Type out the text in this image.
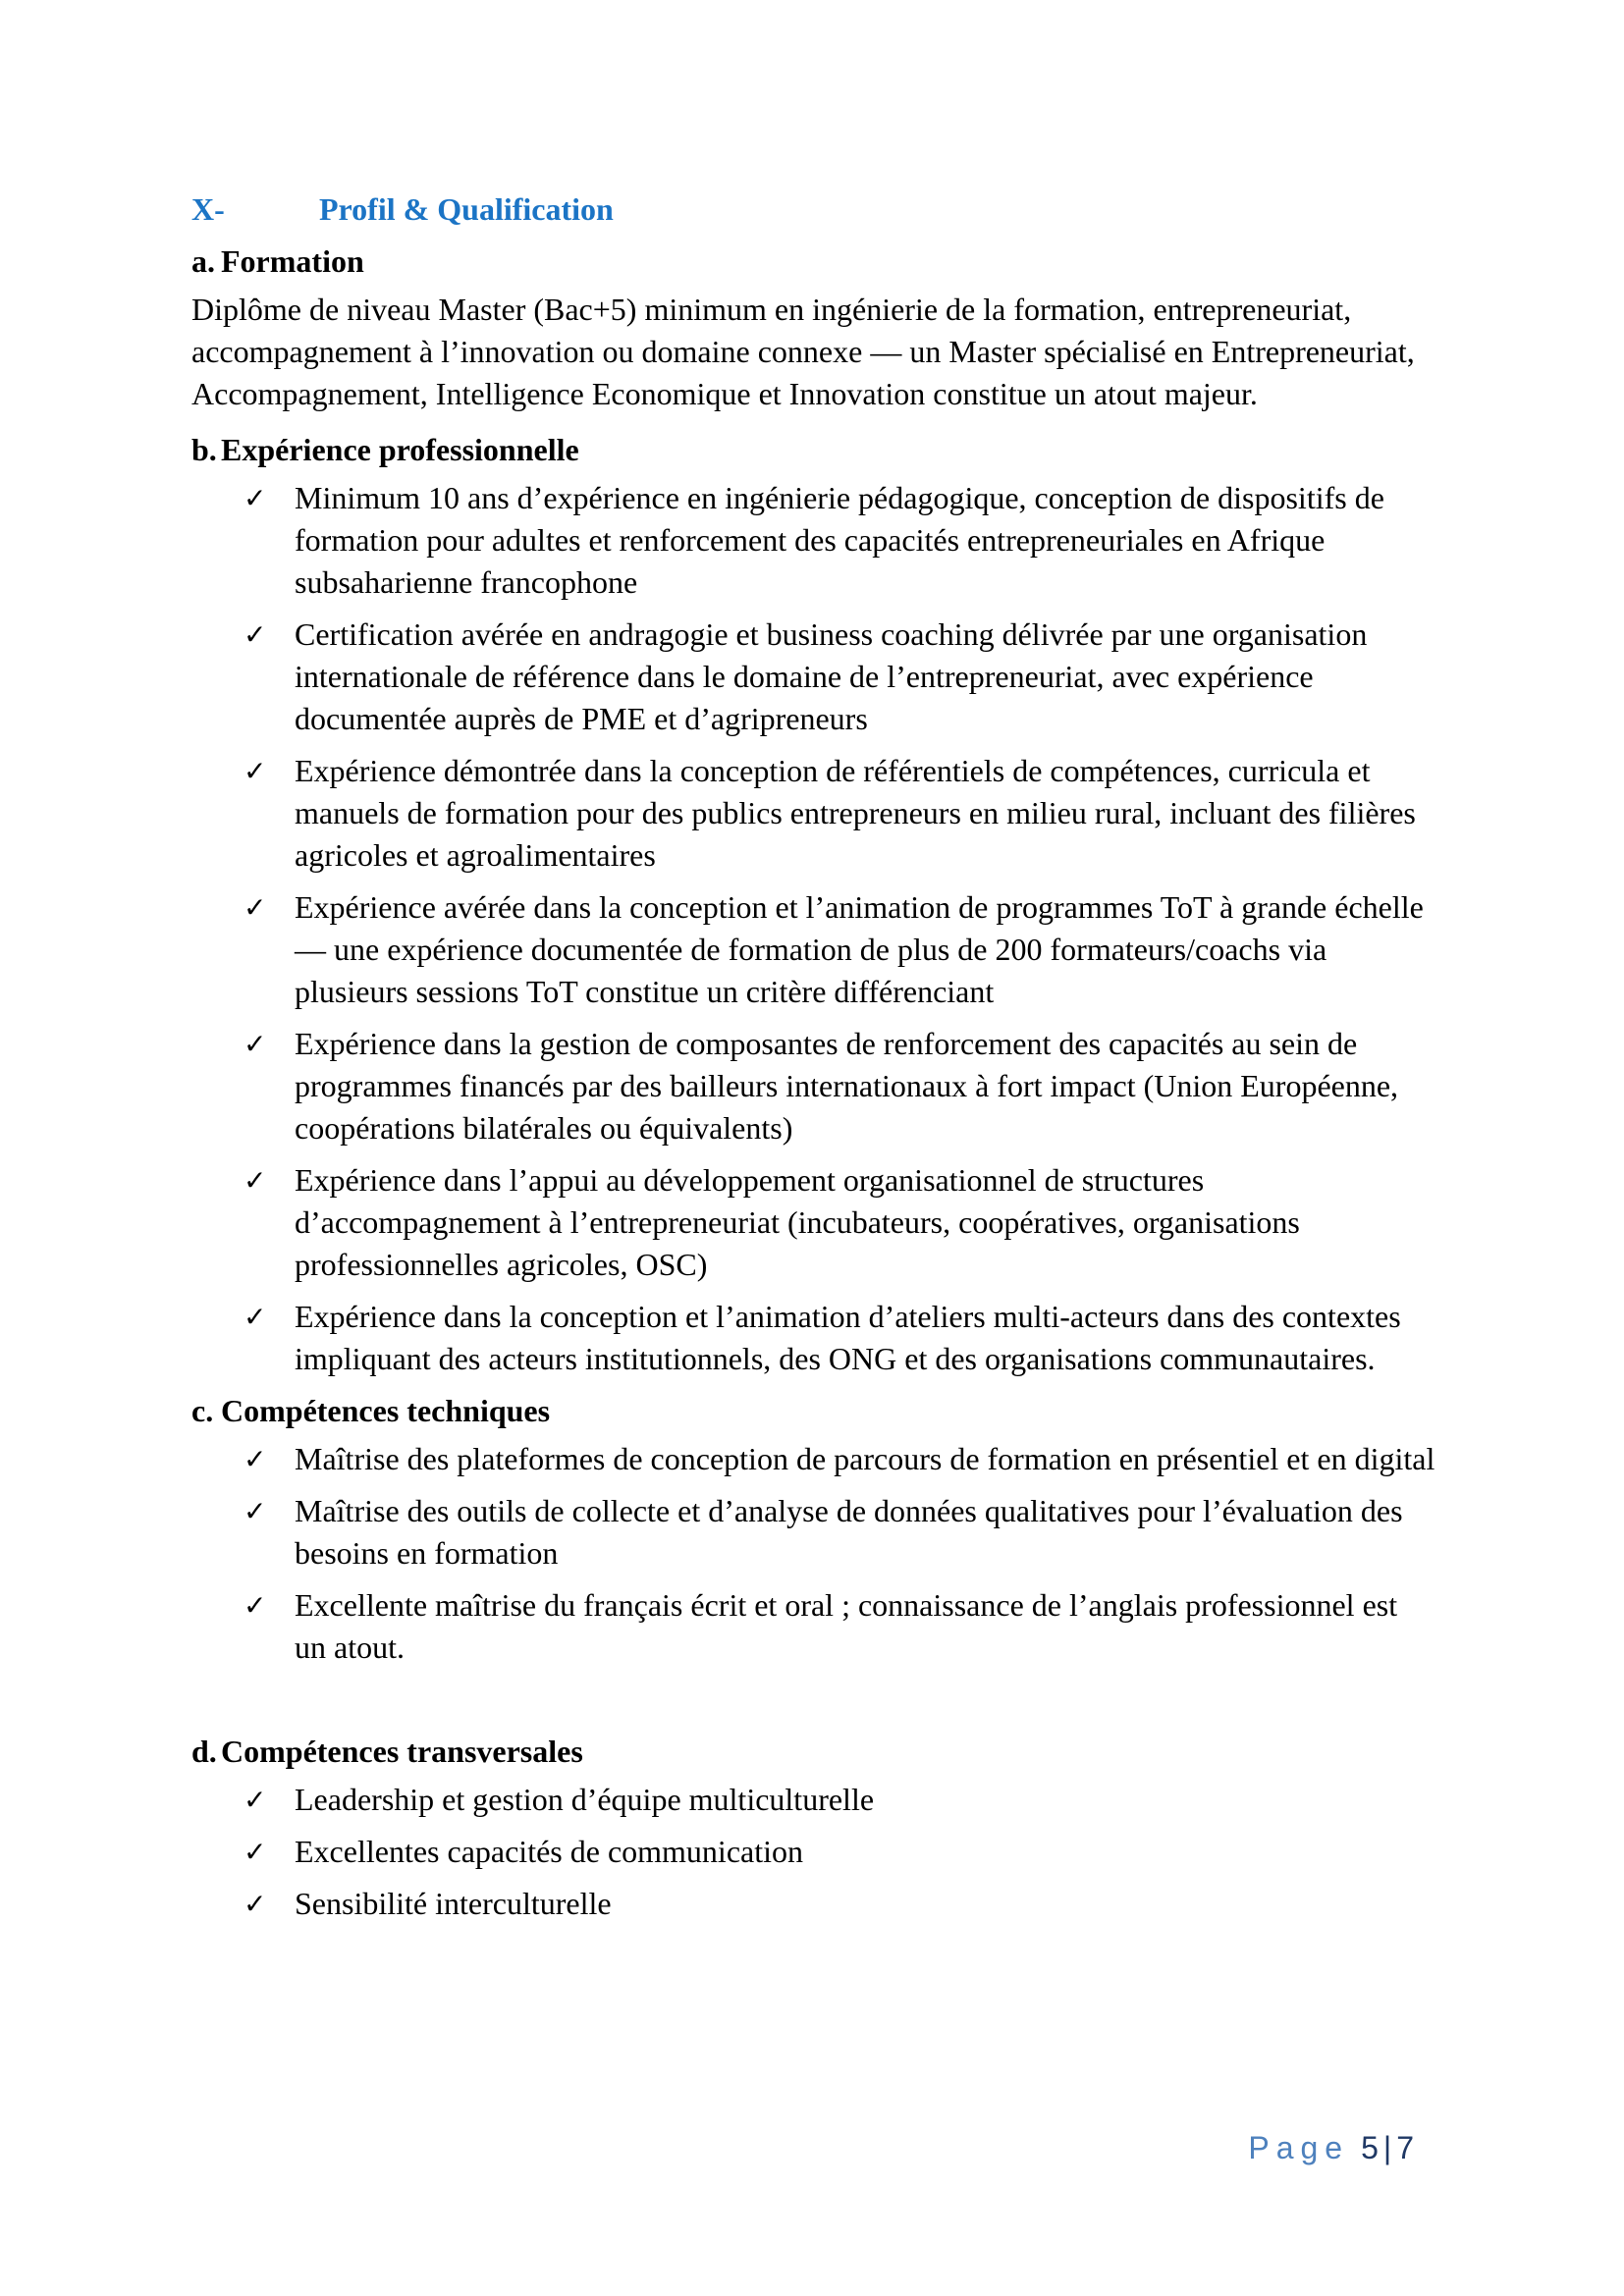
X-	Profil & Qualification
a. Formation

Diplôme de niveau Master (Bac+5) minimum en ingénierie de la formation, entrepreneuriat, accompagnement à l’innovation ou domaine connexe — un Master spécialisé en Entrepreneuriat, Accompagnement, Intelligence Economique et Innovation constitue un atout majeur.

b. Expérience professionnelle
✓ Minimum 10 ans d’expérience en ingénierie pédagogique, conception de dispositifs de formation pour adultes et renforcement des capacités entrepreneuriales en Afrique subsaharienne francophone
✓ Certification avérée en andragogie et business coaching délivrée par une organisation internationale de référence dans le domaine de l’entrepreneuriat, avec expérience documentée auprès de PME et d’agripreneurs
✓ Expérience démontrée dans la conception de référentiels de compétences, curricula et manuels de formation pour des publics entrepreneurs en milieu rural, incluant des filières agricoles et agroalimentaires
✓ Expérience avérée dans la conception et l’animation de programmes ToT à grande échelle — une expérience documentée de formation de plus de 200 formateurs/coachs via plusieurs sessions ToT constitue un critère différenciant
✓ Expérience dans la gestion de composantes de renforcement des capacités au sein de programmes financés par des bailleurs internationaux à fort impact (Union Européenne, coopérations bilatérales ou équivalents)
✓ Expérience dans l’appui au développement organisationnel de structures d’accompagnement à l’entrepreneuriat (incubateurs, coopératives, organisations professionnelles agricoles, OSC)
✓ Expérience dans la conception et l’animation d’ateliers multi-acteurs dans des contextes impliquant des acteurs institutionnels, des ONG et des organisations communautaires.
c. Compétences techniques
✓ Maîtrise des plateformes de conception de parcours de formation en présentiel et en digital
✓ Maîtrise des outils de collecte et d’analyse de données qualitatives pour l’évaluation des besoins en formation
✓ Excellente maîtrise du français écrit et oral ; connaissance de l’anglais professionnel est un atout.
d. Compétences transversales
✓ Leadership et gestion d’équipe multiculturelle
✓ Excellentes capacités de communication
✓ Sensibilité interculturelle
Page 5|7
